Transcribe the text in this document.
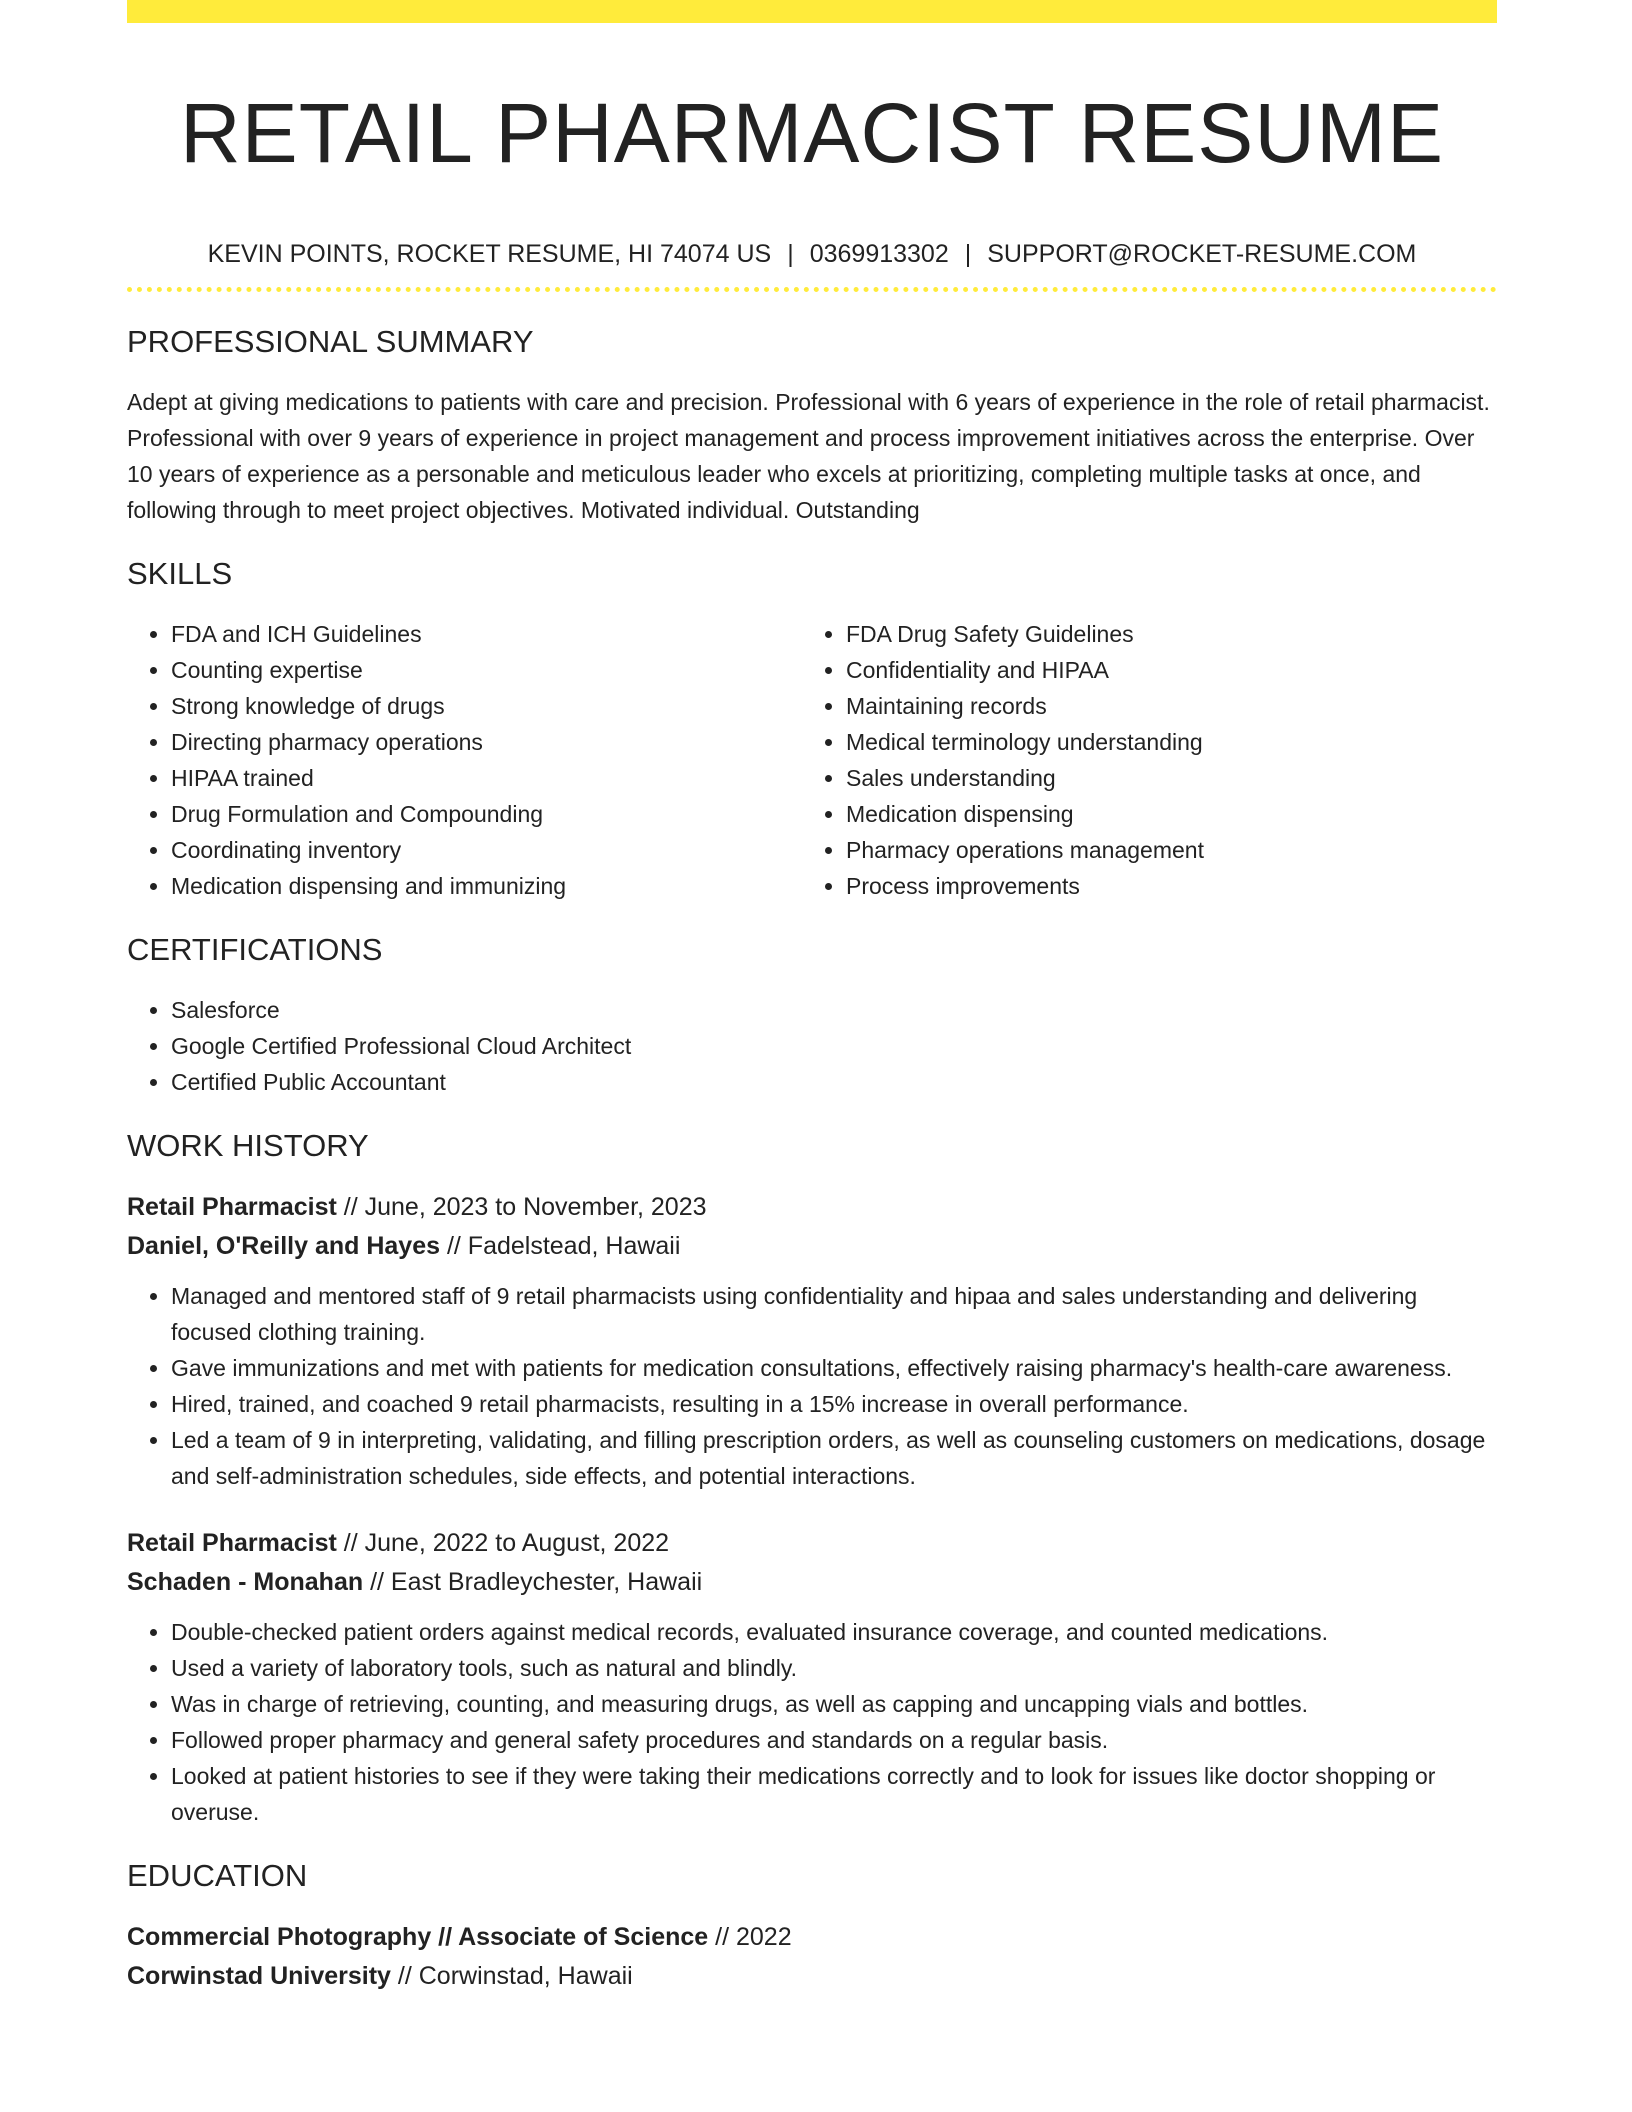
RETAIL PHARMACIST RESUME
KEVIN POINTS, ROCKET RESUME, HI 74074 US | 0369913302 | SUPPORT@ROCKET-RESUME.COM
PROFESSIONAL SUMMARY

Adept at giving medications to patients with care and precision. Professional with 6 years of experience in the role of retail pharmacist. Professional with over 9 years of experience in project management and process improvement initiatives across the enterprise. Over 10 years of experience as a personable and meticulous leader who excels at prioritizing, completing multiple tasks at once, and following through to meet project objectives. Motivated individual. Outstanding

SKILLS
• FDA and ICH Guidelines
• Counting expertise
• Strong knowledge of drugs
• Directing pharmacy operations
• HIPAA trained
• Drug Formulation and Compounding
• Coordinating inventory
• Medication dispensing and immunizing
• FDA Drug Safety Guidelines
• Confidentiality and HIPAA
• Maintaining records
• Medical terminology understanding
• Sales understanding
• Medication dispensing
• Pharmacy operations management
• Process improvements
CERTIFICATIONS
• Salesforce
• Google Certified Professional Cloud Architect
• Certified Public Accountant
WORK HISTORY
Retail Pharmacist // June, 2023 to November, 2023
Daniel, O'Reilly and Hayes // Fadelstead, Hawaii
• Managed and mentored staff of 9 retail pharmacists using confidentiality and hipaa and sales understanding and delivering focused clothing training.
• Gave immunizations and met with patients for medication consultations, effectively raising pharmacy's health-care awareness.
• Hired, trained, and coached 9 retail pharmacists, resulting in a 15% increase in overall performance.
• Led a team of 9 in interpreting, validating, and filling prescription orders, as well as counseling customers on medications, dosage and self-administration schedules, side effects, and potential interactions.
Retail Pharmacist // June, 2022 to August, 2022
Schaden - Monahan // East Bradleychester, Hawaii
• Double-checked patient orders against medical records, evaluated insurance coverage, and counted medications.
• Used a variety of laboratory tools, such as natural and blindly.
• Was in charge of retrieving, counting, and measuring drugs, as well as capping and uncapping vials and bottles.
• Followed proper pharmacy and general safety procedures and standards on a regular basis.
• Looked at patient histories to see if they were taking their medications correctly and to look for issues like doctor shopping or overuse.
EDUCATION
Commercial Photography // Associate of Science // 2022
Corwinstad University // Corwinstad, Hawaii
